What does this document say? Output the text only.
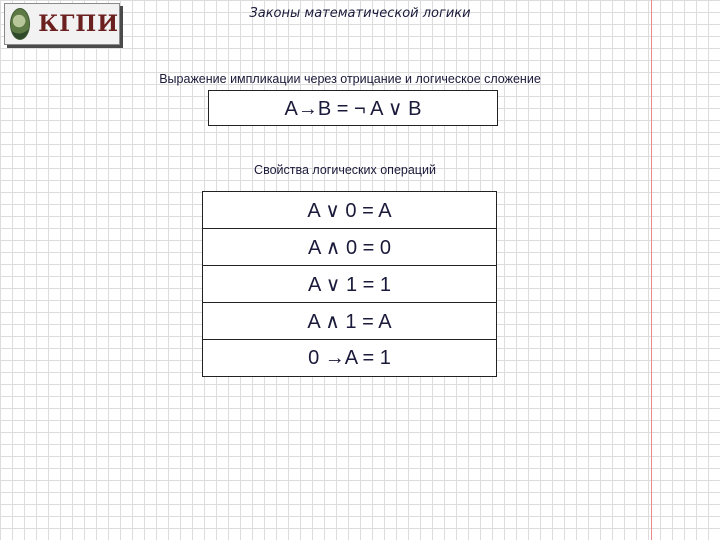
КГПИ	Законы математической логики
Выражение импликации через отрицание и логическое сложение
A→B = ¬ A ∨ B
Свойства логических операций
A ∨ 0 = A
A ∧ 0 = 0
A ∨ 1 = 1
A ∧ 1 = A
0 →A = 1
